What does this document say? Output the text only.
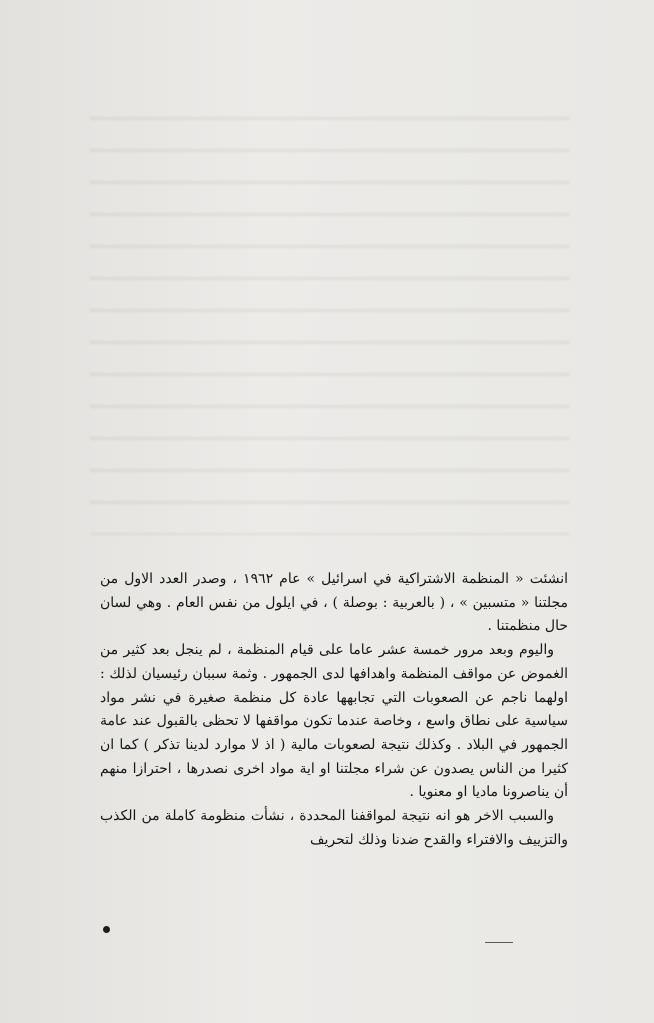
انشئت « المنظمة الاشتراكية في اسرائيل » عام ١٩٦٢ ، وصدر العدد الاول من مجلتنا « متسبين » ، ( بالعربية : بوصلة ) ، في ايلول من نفس العام . وهي لسان حال منظمتنا .

واليوم وبعد مرور خمسة عشر عاما على قيام المنظمة ، لم ينجل بعد كثير من الغموض عن مواقف المنظمة واهدافها لدى الجمهور . وثمة سببان رئيسيان لذلك : اولهما ناجم عن الصعوبات التي تجابهها عادة كل منظمة صغيرة في نشر مواد سياسية على نطاق واسع ، وخاصة عندما تكون مواقفها لا تحظى بالقبول عند عامة الجمهور في البلاد . وكذلك نتيجة لصعوبات مالية ( اذ لا موارد لدينا تذكر ) كما ان كثيرا من الناس يصدون عن شراء مجلتنا او اية مواد اخرى نصدرها ، احترازا منهم أن يناصرونا ماديا او معنويا .

والسبب الاخر هو انه نتيجة لمواقفنا المحددة ، نشأت منظومة كاملة من الكذب والتزييف والافتراء والقدح ضدنا وذلك لتحريف
